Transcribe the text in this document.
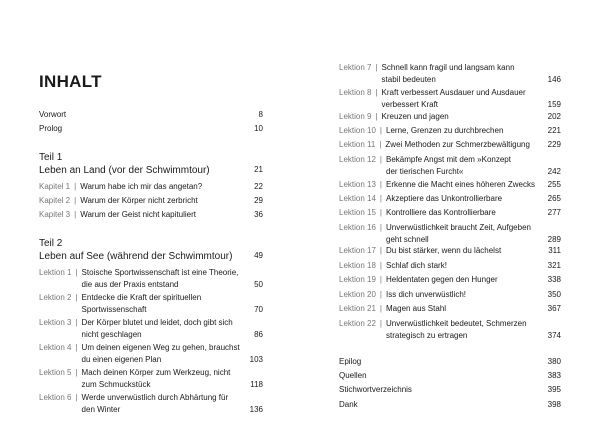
INHALT
Vorwort	8
Prolog	10
Teil 1
Leben an Land (vor der Schwimmtour)	21
Kapitel 1 | Warum habe ich mir das angetan?	22
Kapitel 2 | Warum der Körper nicht zerbricht	29
Kapitel 3 | Warum der Geist nicht kapituliert	36
Teil 2
Leben auf See (während der Schwimmtour)	49
Lektion 1 | Stoische Sportwissenschaft ist eine Theorie,
die aus der Praxis entstand	50
Lektion 2 | Entdecke die Kraft der spirituellen
Sportwissenschaft	70
Lektion 3 | Der Körper blutet und leidet, doch gibt sich
nicht geschlagen	86
Lektion 4 | Um deinen eigenen Weg zu gehen, brauchst
du einen eigenen Plan	103
Lektion 5 | Mach deinen Körper zum Werkzeug, nicht
zum Schmuckstück	118
Lektion 6 | Werde unverwüstlich durch Abhärtung für
den Winter	136
Lektion 7 | Schnell kann fragil und langsam kann
stabil bedeuten	146
Lektion 8 | Kraft verbessert Ausdauer und Ausdauer
verbessert Kraft	159
Lektion 9 | Kreuzen und jagen	202
Lektion 10 | Lerne, Grenzen zu durchbrechen	221
Lektion 11 | Zwei Methoden zur Schmerzbewältigung	229
Lektion 12 | Bekämpfe Angst mit dem »Konzept
der tierischen Furcht«	242
Lektion 13 | Erkenne die Macht eines höheren Zwecks	255
Lektion 14 | Akzeptiere das Unkontrollierbare	265
Lektion 15 | Kontrolliere das Kontrollierbare	277
Lektion 16 | Unverwüstlichkeit braucht Zeit, Aufgeben
geht schnell	289
Lektion 17 | Du bist stärker, wenn du lächelst	311
Lektion 18 | Schlaf dich stark!	321
Lektion 19 | Heldentaten gegen den Hunger	338
Lektion 20 | Iss dich unverwüstlich!	350
Lektion 21 | Magen aus Stahl	367
Lektion 22 | Unverwüstlichkeit bedeutet, Schmerzen
strategisch zu ertragen	374
Epilog	380
Quellen	383
Stichwortverzeichnis	395
Dank	398
